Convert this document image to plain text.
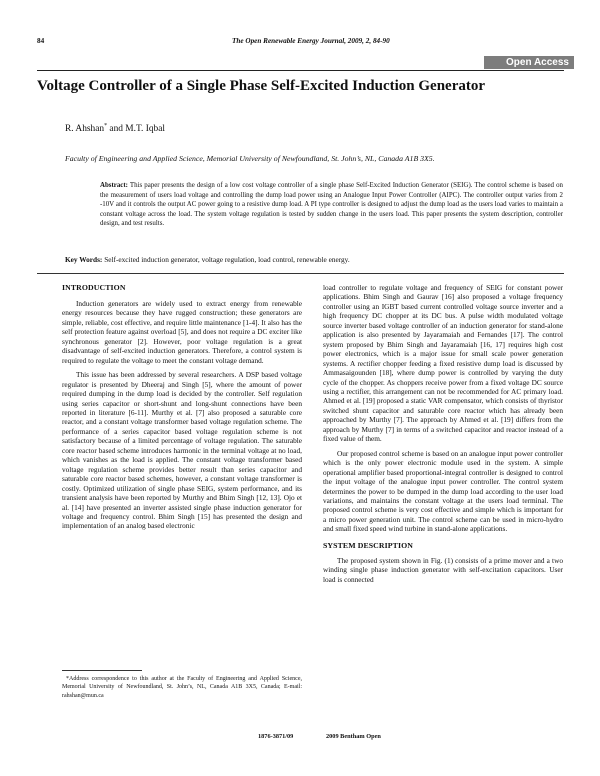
84	The Open Renewable Energy Journal, 2009, 2, 84-90
Open Access
Voltage Controller of a Single Phase Self-Excited Induction Generator
R. Ahshan* and M.T. Iqbal
Faculty of Engineering and Applied Science, Memorial University of Newfoundland, St. John’s, NL, Canada A1B 3X5.
Abstract: This paper presents the design of a low cost voltage controller of a single phase Self-Excited Induction Generator (SEIG). The control scheme is based on the measurement of users load voltage and controlling the dump load power using an Analogue Input Power Controller (AIPC). The controller output varies from 2 -10V and it controls the output AC power going to a resistive dump load. A PI type controller is designed to adjust the dump load as the users load varies to maintain a constant voltage across the load. The system voltage regulation is tested by sudden change in the users load. This paper presents the system description, controller design, and test results.
Key Words: Self-excited induction generator, voltage regulation, load control, renewable energy.
INTRODUCTION

Induction generators are widely used to extract energy from renewable energy resources because they have rugged construction; these generators are simple, reliable, cost effective, and require little maintenance [1-4]. It also has the self protection feature against overload [5], and does not require a DC exciter like synchronous generator [2]. However, poor voltage regulation is a great disadvantage of self-excited induction generators. Therefore, a control system is required to regulate the voltage to meet the constant voltage demand.

This issue has been addressed by several researchers. A DSP based voltage regulator is presented by Dheeraj and Singh [5], where the amount of power required dumping in the dump load is decided by the controller. Self regulation using series capacitor or short-shunt and long-shunt connections have been reported in literature [6-11]. Murthy et al. [7] also proposed a saturable core reactor, and a constant voltage transformer based voltage regulation scheme. The performance of a series capacitor based voltage regulation scheme is not satisfactory because of a limited percentage of voltage regulation. The saturable core reactor based scheme introduces harmonic in the terminal voltage at no load, which vanishes as the load is applied. The constant voltage transformer based voltage regulation scheme provides better result than series capacitor and saturable core reactor based schemes, however, a constant voltage transformer is costly. Optimized utilization of single phase SEIG, system performance, and its transient analysis have been reported by Murthy and Bhim Singh [12, 13]. Ojo et al. [14] have presented an inverter assisted single phase induction generator for voltage and frequency control. Bhim Singh [15] has presented the design and implementation of an analog based electronic

*Address correspondence to this author at the Faculty of Engineering and Applied Science, Memorial University of Newfoundland, St. John’s, NL, Canada A1B 3X5, Canada; E-mail: rahshan@mun.ca

load controller to regulate voltage and frequency of SEIG for constant power applications. Bhim Singh and Gaurav [16] also proposed a voltage frequency controller using an IGBT based current controlled voltage source inverter and a high frequency DC chopper at its DC bus. A pulse width modulated voltage source inverter based voltage controller of an induction generator for stand-alone application is also presented by Jayaramaiah and Fernandes [17]. The control system proposed by Bhim Singh and Jayaramaiah [16, 17] requires high cost power electronics, which is a major issue for small scale power generation systems. A rectifier chopper feeding a fixed resistive dump load is discussed by Ammasaigounden [18], where dump power is controlled by varying the duty cycle of the chopper. As choppers receive power from a fixed voltage DC source using a rectifier, this arrangement can not be recommended for AC primary load. Ahmed et al. [19] proposed a static VAR compensator, which consists of thyristor switched shunt capacitor and saturable core reactor which has already been approached by Murthy [7]. The approach by Ahmed et al. [19] differs from the approach by Murthy [7] in terms of a switched capacitor and reactor instead of a fixed value of them.

Our proposed control scheme is based on an analogue input power controller which is the only power electronic module used in the system. A simple operational amplifier based proportional-integral controller is designed to control the input voltage of the analogue input power controller. The control system determines the power to be dumped in the dump load according to the user load variations, and maintains the constant voltage at the users load terminal. The proposed control scheme is very cost effective and simple which is important for a micro power generation unit. The control scheme can be used in micro-hydro and small fixed speed wind turbine in stand-alone applications.

SYSTEM DESCRIPTION

The proposed system shown in Fig. (1) consists of a prime mover and a two winding single phase induction generator with self-excitation capacitors. User load is connected

1876-3871/09	2009 Bentham Open
